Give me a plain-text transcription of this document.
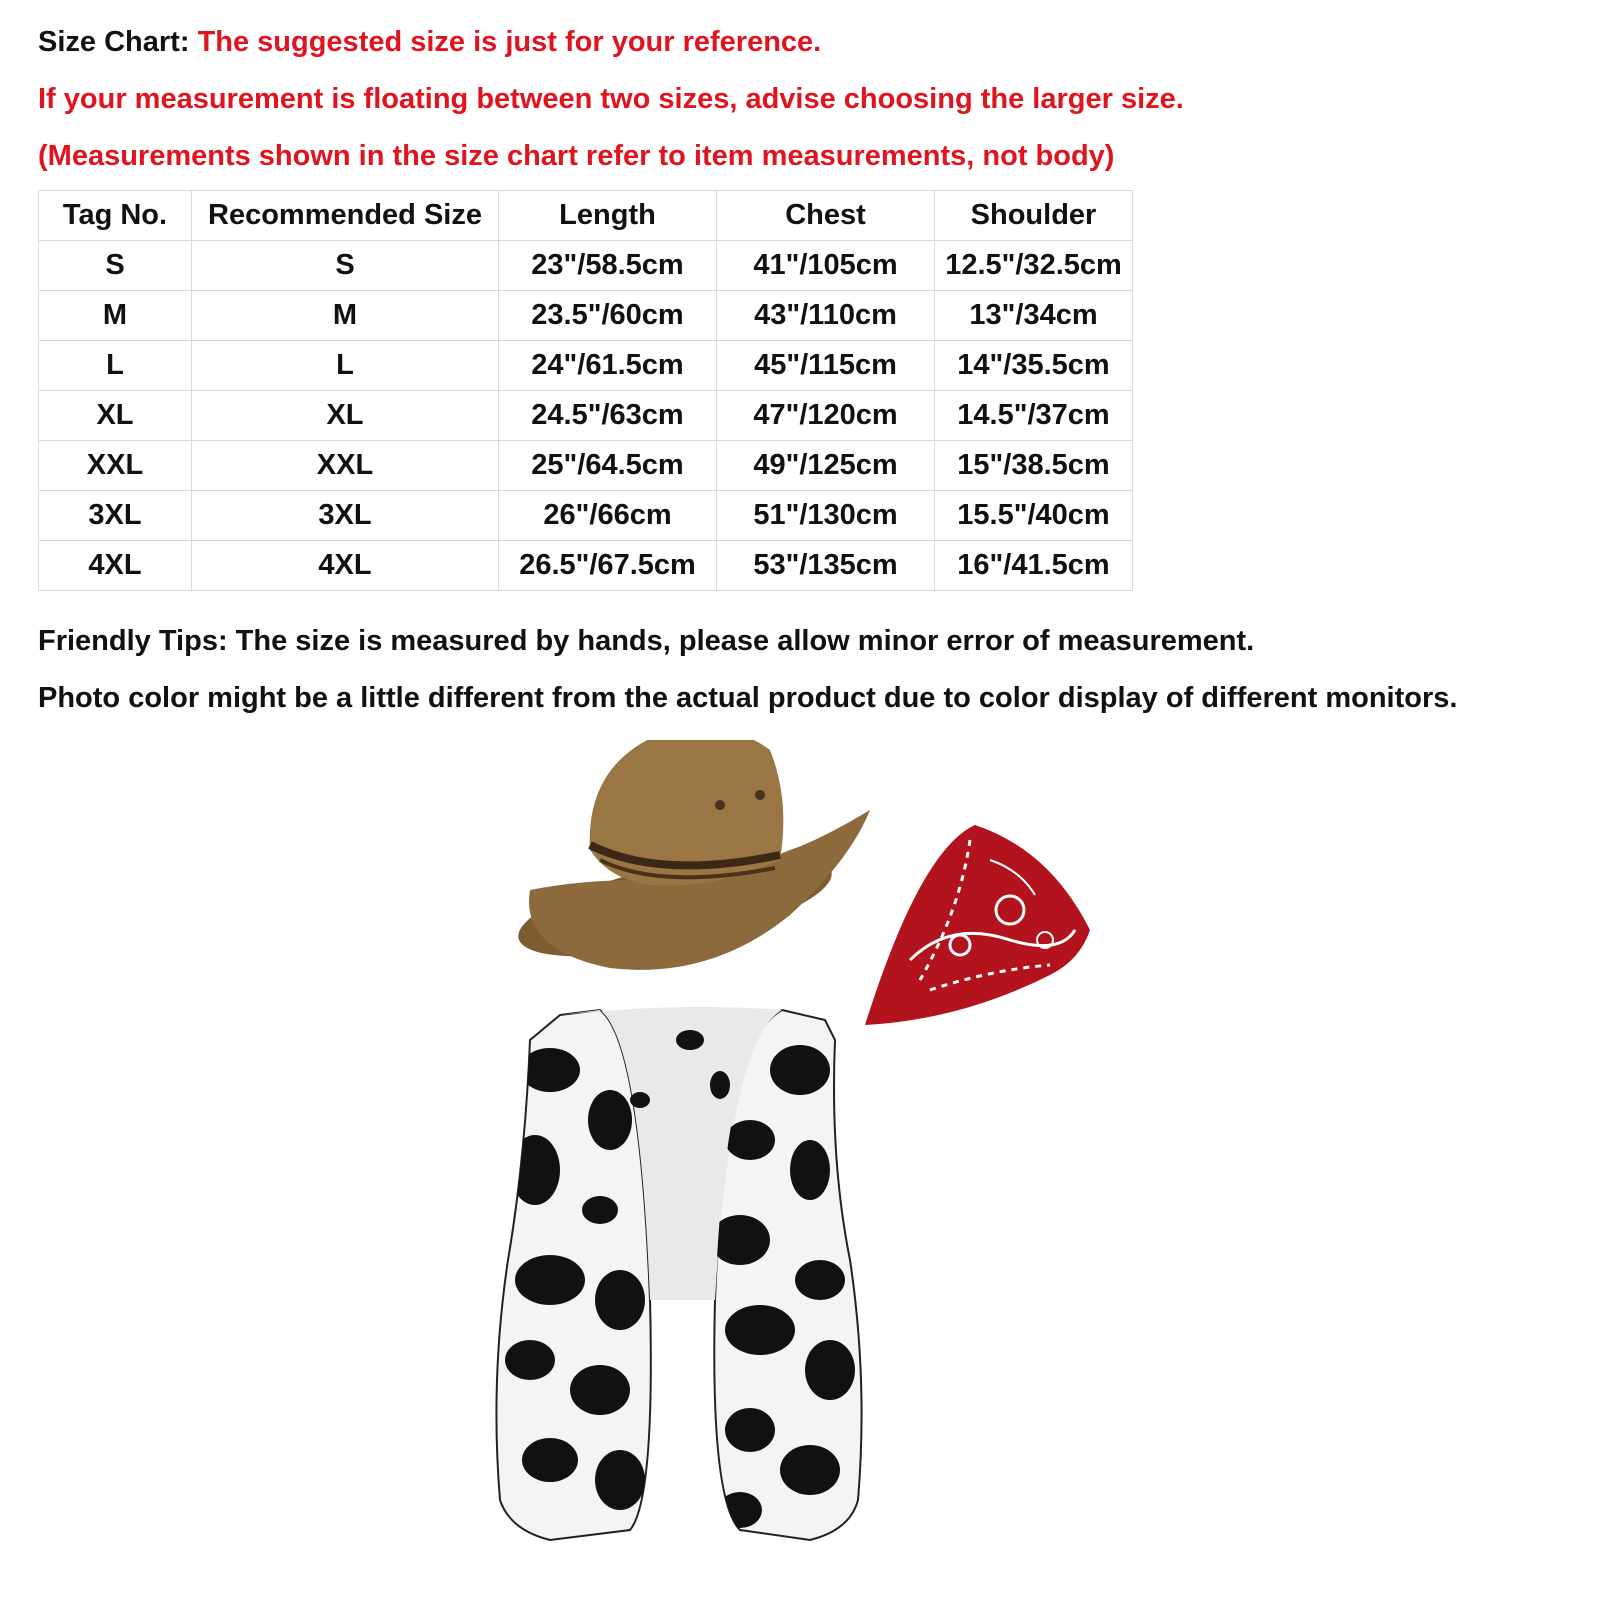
Size Chart: The suggested size is just for your reference.
If your measurement is floating between two sizes, advise choosing the larger size.
(Measurements shown in the size chart refer to item measurements, not body)
Tag No.	Recommended Size	Length	Chest	Shoulder
S	S	23"/58.5cm	41"/105cm	12.5"/32.5cm
M	M	23.5"/60cm	43"/110cm	13"/34cm
L	L	24"/61.5cm	45"/115cm	14"/35.5cm
XL	XL	24.5"/63cm	47"/120cm	14.5"/37cm
XXL	XXL	25"/64.5cm	49"/125cm	15"/38.5cm
3XL	3XL	26"/66cm	51"/130cm	15.5"/40cm
4XL	4XL	26.5"/67.5cm	53"/135cm	16"/41.5cm
Friendly Tips: The size is measured by hands, please allow minor error of measurement.
Photo color might be a little different from the actual product due to color display of different monitors.
